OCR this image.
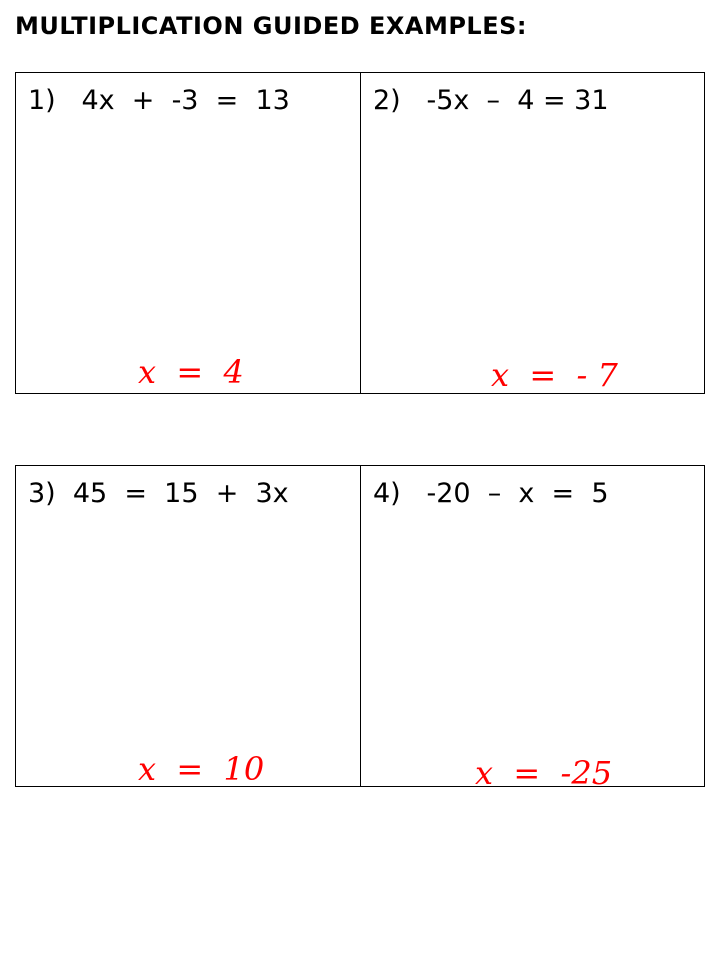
MULTIPLICATION GUIDED EXAMPLES:

1)   4x  +  -3  =  13

x  =  4

2)   -5x  –  4 = 31

x  =  - 7

3)  45  =  15  +  3x

x  =  10

4)   -20  –  x  =  5

x  =  -25
